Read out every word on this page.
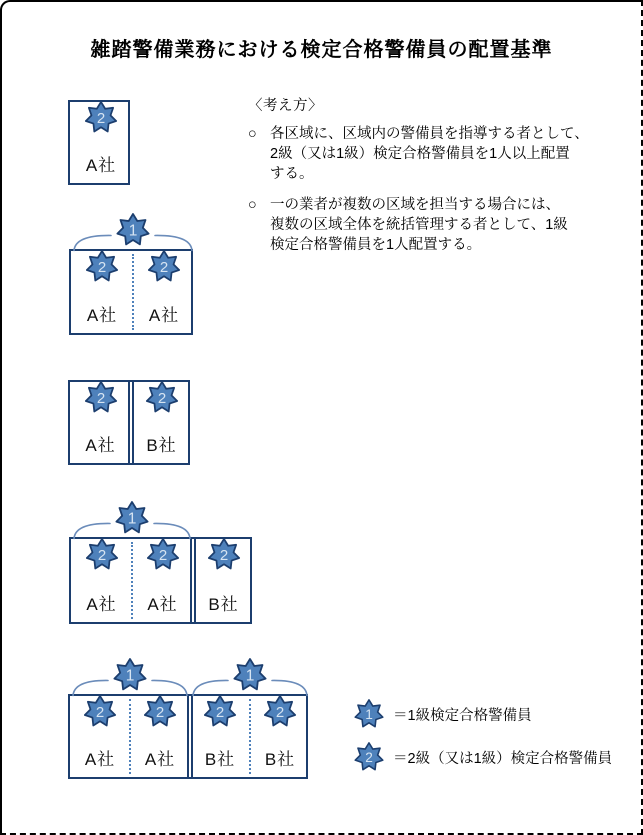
雑踏警備業務における検定合格警備員の配置基準
〈考え方〉
○ 各区域に、区域内の警備員を指導する者として、
2級（又は1級）検定合格警備員を1人以上配置
する。
○ 一の業者が複数の区域を担当する場合には、
複数の区域全体を統括管理する者として、1級
検定合格警備員を1人配置する。
2
A社
2
A社
2
A社
1
2
A社
2
B社
2
A社
2
A社
2
B社
1
2
A社
2
A社
2
B社
2
B社
1	1
1 ＝1級検定合格警備員
2 ＝2級（又は1級）検定合格警備員
